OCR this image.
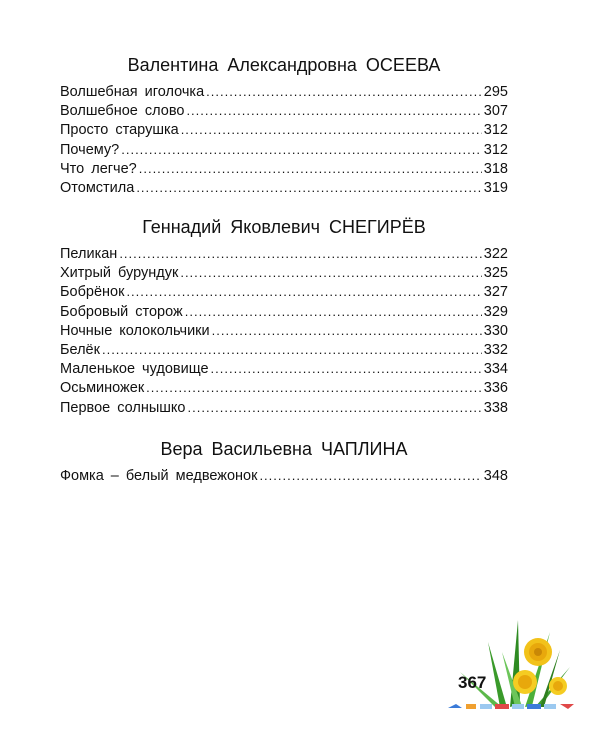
Валентина Александровна ОСЕЕВА
Волшебная иголочка .....	295
Волшебное слово .....	307
Просто старушка .....	312
Почему? .....	312
Что легче? .....	318
Отомстила .....	319
Геннадий Яковлевич СНЕГИРЁВ
Пеликан .....	322
Хитрый бурундук .....	325
Бобрёнок .....	327
Бобровый сторож .....	329
Ночные колокольчики .....	330
Белёк .....	332
Маленькое чудовище .....	334
Осьминожек .....	336
Первое солнышко .....	338
Вера Васильевна ЧАПЛИНА
Фомка – белый медвежонок .....	348
367
